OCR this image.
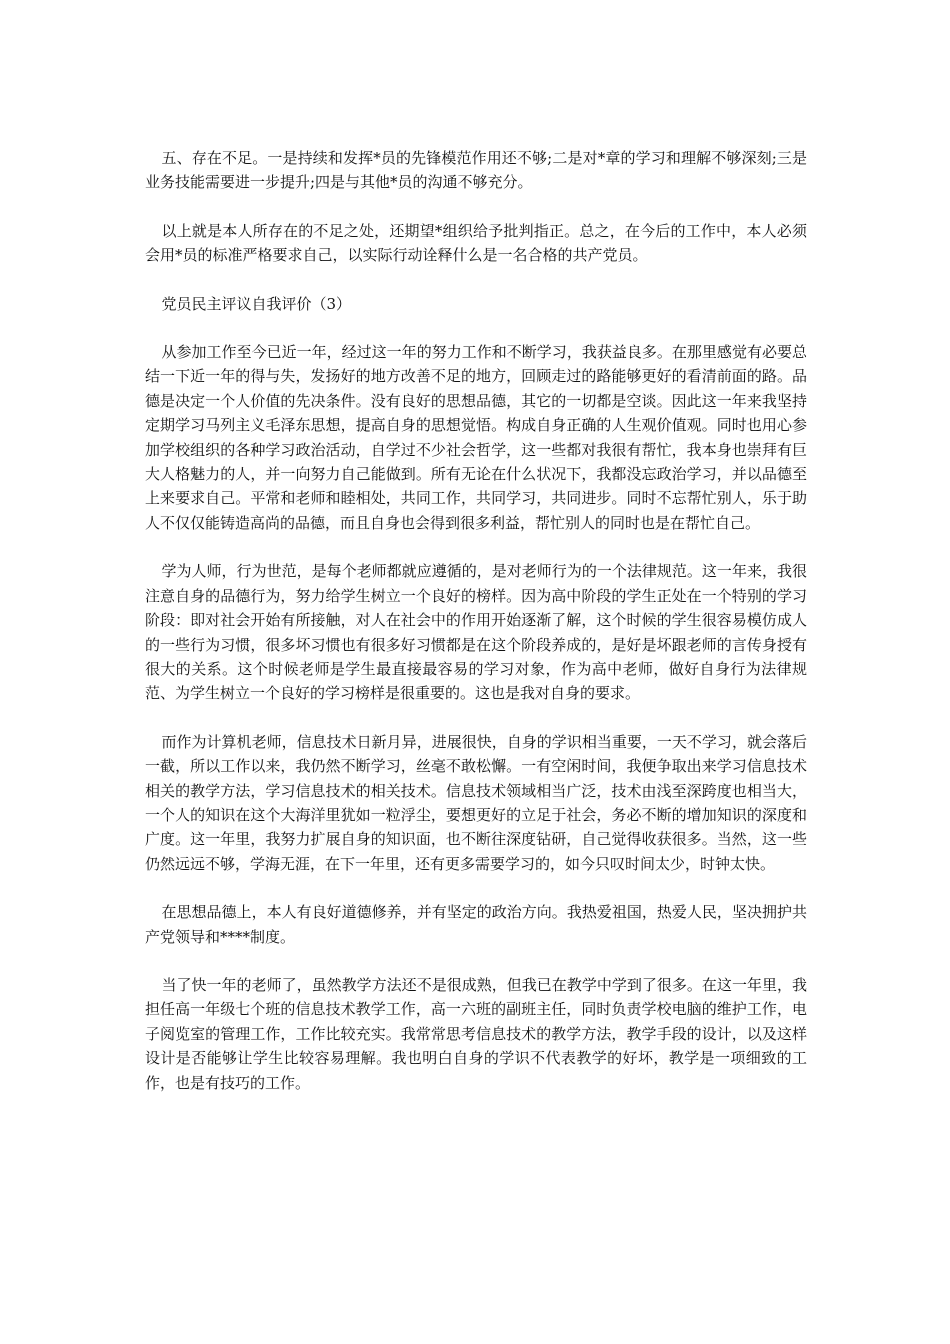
五、存在不足。一是持续和发挥*员的先锋模范作用还不够;二是对*章的学习和理解不够深刻;三是业务技能需要进一步提升;四是与其他*员的沟通不够充分。

以上就是本人所存在的不足之处，还期望*组织给予批判指正。总之，在今后的工作中，本人必须会用*员的标准严格要求自己，以实际行动诠释什么是一名合格的共产党员。

党员民主评议自我评价（3）

从参加工作至今已近一年，经过这一年的努力工作和不断学习，我获益良多。在那里感觉有必要总结一下近一年的得与失，发扬好的地方改善不足的地方，回顾走过的路能够更好的看清前面的路。品德是决定一个人价值的先决条件。没有良好的思想品德，其它的一切都是空谈。因此这一年来我坚持定期学习马列主义毛泽东思想，提高自身的思想觉悟。构成自身正确的人生观价值观。同时也用心参加学校组织的各种学习政治活动，自学过不少社会哲学，这一些都对我很有帮忙，我本身也崇拜有巨大人格魅力的人，并一向努力自己能做到。所有无论在什么状况下，我都没忘政治学习，并以品德至上来要求自己。平常和老师和睦相处，共同工作，共同学习，共同进步。同时不忘帮忙别人，乐于助人不仅仅能铸造高尚的品德，而且自身也会得到很多利益，帮忙别人的同时也是在帮忙自己。

学为人师，行为世范，是每个老师都就应遵循的，是对老师行为的一个法律规范。这一年来，我很注意自身的品德行为，努力给学生树立一个良好的榜样。因为高中阶段的学生正处在一个特别的学习阶段：即对社会开始有所接触，对人在社会中的作用开始逐渐了解，这个时候的学生很容易模仿成人的一些行为习惯，很多坏习惯也有很多好习惯都是在这个阶段养成的，是好是坏跟老师的言传身授有很大的关系。这个时候老师是学生最直接最容易的学习对象，作为高中老师，做好自身行为法律规范、为学生树立一个良好的学习榜样是很重要的。这也是我对自身的要求。

而作为计算机老师，信息技术日新月异，进展很快，自身的学识相当重要，一天不学习，就会落后一截，所以工作以来，我仍然不断学习，丝毫不敢松懈。一有空闲时间，我便争取出来学习信息技术相关的教学方法，学习信息技术的相关技术。信息技术领域相当广泛，技术由浅至深跨度也相当大，一个人的知识在这个大海洋里犹如一粒浮尘，要想更好的立足于社会，务必不断的增加知识的深度和广度。这一年里，我努力扩展自身的知识面，也不断往深度钻研，自己觉得收获很多。当然，这一些仍然远远不够，学海无涯，在下一年里，还有更多需要学习的，如今只叹时间太少，时钟太快。

在思想品德上，本人有良好道德修养，并有坚定的政治方向。我热爱祖国，热爱人民，坚决拥护共产党领导和****制度。

当了快一年的老师了，虽然教学方法还不是很成熟，但我已在教学中学到了很多。在这一年里，我担任高一年级七个班的信息技术教学工作，高一六班的副班主任，同时负责学校电脑的维护工作，电子阅览室的管理工作，工作比较充实。我常常思考信息技术的教学方法，教学手段的设计，以及这样设计是否能够让学生比较容易理解。我也明白自身的学识不代表教学的好坏，教学是一项细致的工作，也是有技巧的工作。
